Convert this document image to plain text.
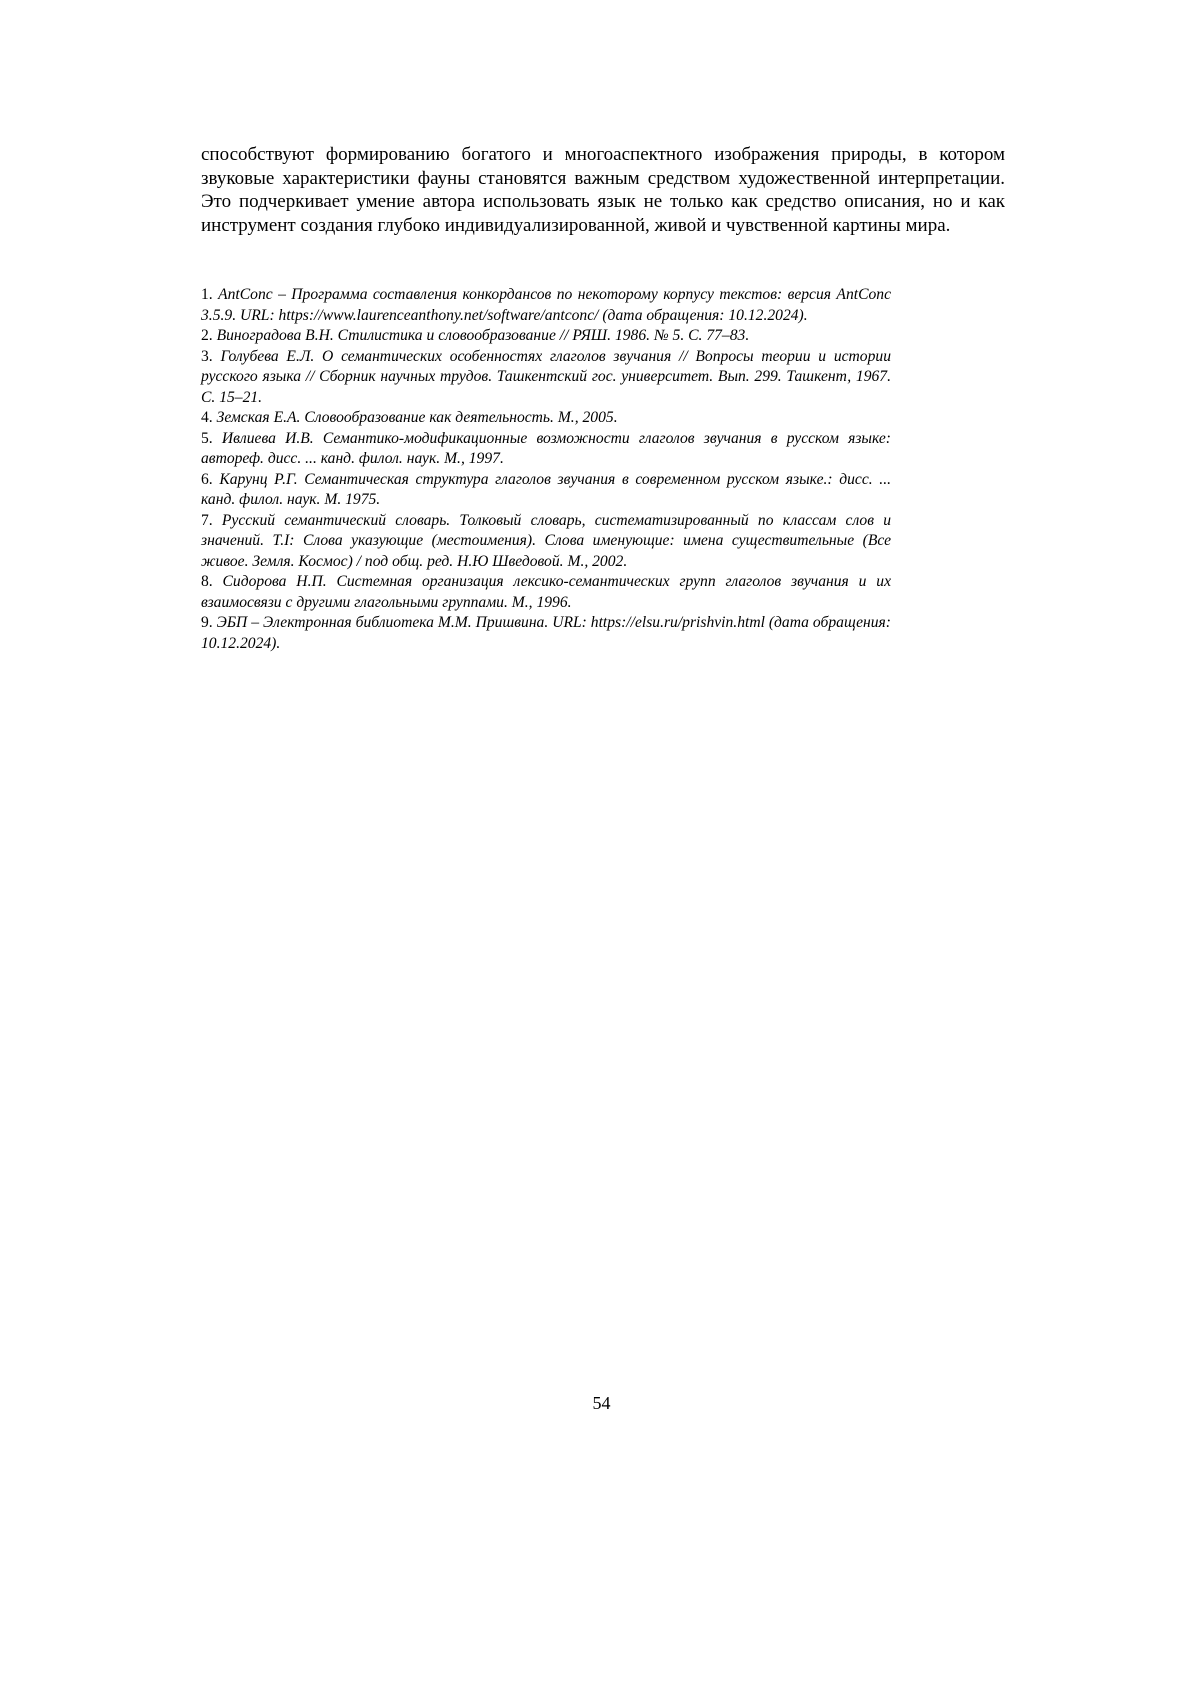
способствуют формированию богатого и многоаспектного изображения природы, в котором звуковые характеристики фауны становятся важным средством художественной интерпретации. Это подчеркивает умение автора использовать язык не только как средство описания, но и как инструмент создания глубоко индивидуализированной, живой и чувственной картины мира.

1. AntConc – Программа составления конкордансов по некоторому корпусу текстов: версия AntConc 3.5.9. URL: https://www.laurenceanthony.net/software/antconc/ (дата обращения: 10.12.2024).
2. Виноградова В.Н. Стилистика и словообразование // РЯШ. 1986. № 5. С. 77–83.
3. Голубева Е.Л. О семантических особенностях глаголов звучания // Вопросы теории и истории русского языка // Сборник научных трудов. Ташкентский гос. университет. Вып. 299. Ташкент, 1967. С. 15–21.
4. Земская Е.А. Словообразование как деятельность. М., 2005.
5. Ивлиева И.В. Семантико-модификационные возможности глаголов звучания в русском языке: автореф. дисс. ... канд. филол. наук. М., 1997.
6. Карунц Р.Г. Семантическая структура глаголов звучания в современном русском языке.: дисс. ... канд. филол. наук. М. 1975.
7. Русский семантический словарь. Толковый словарь, систематизированный по классам слов и значений. Т.I: Слова указующие (местоимения). Слова именующие: имена существительные (Все живое. Земля. Космос) / под общ. ред. Н.Ю Шведовой. М., 2002.
8. Сидорова Н.П. Системная организация лексико-семантических групп глаголов звучания и их взаимосвязи с другими глагольными группами. М., 1996.
9. ЭБП – Электронная библиотека М.М. Пришвина. URL: https://elsu.ru/prishvin.html (дата обращения: 10.12.2024).

54
